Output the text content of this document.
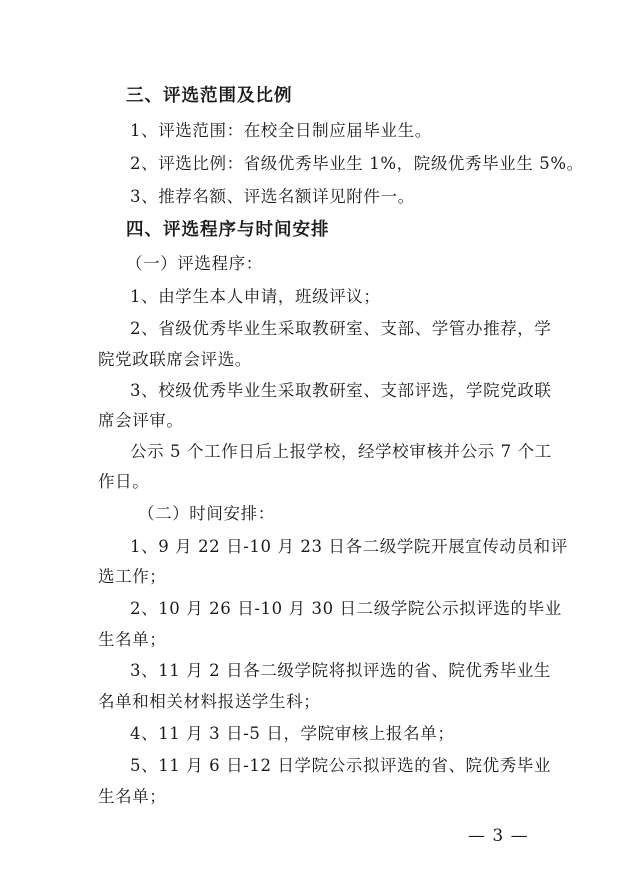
三、评选范围及比例
1、评选范围：在校全日制应届毕业生。
2、评选比例：省级优秀毕业生 1%，院级优秀毕业生 5%。
3、推荐名额、评选名额详见附件一。
四、评选程序与时间安排
（一）评选程序：
1、由学生本人申请，班级评议；
2、省级优秀毕业生采取教研室、支部、学管办推荐，学
院党政联席会评选。
3、校级优秀毕业生采取教研室、支部评选，学院党政联
席会评审。
公示 5 个工作日后上报学校，经学校审核并公示 7 个工
作日。
（二）时间安排：
1、9 月 22 日-10 月 23 日各二级学院开展宣传动员和评
选工作；
2、10 月 26 日-10 月 30 日二级学院公示拟评选的毕业
生名单；
3、11 月 2 日各二级学院将拟评选的省、院优秀毕业生
名单和相关材料报送学生科；
4、11 月 3 日-5 日，学院审核上报名单；
5、11 月 6 日-12 日学院公示拟评选的省、院优秀毕业
生名单；
— 3 —
